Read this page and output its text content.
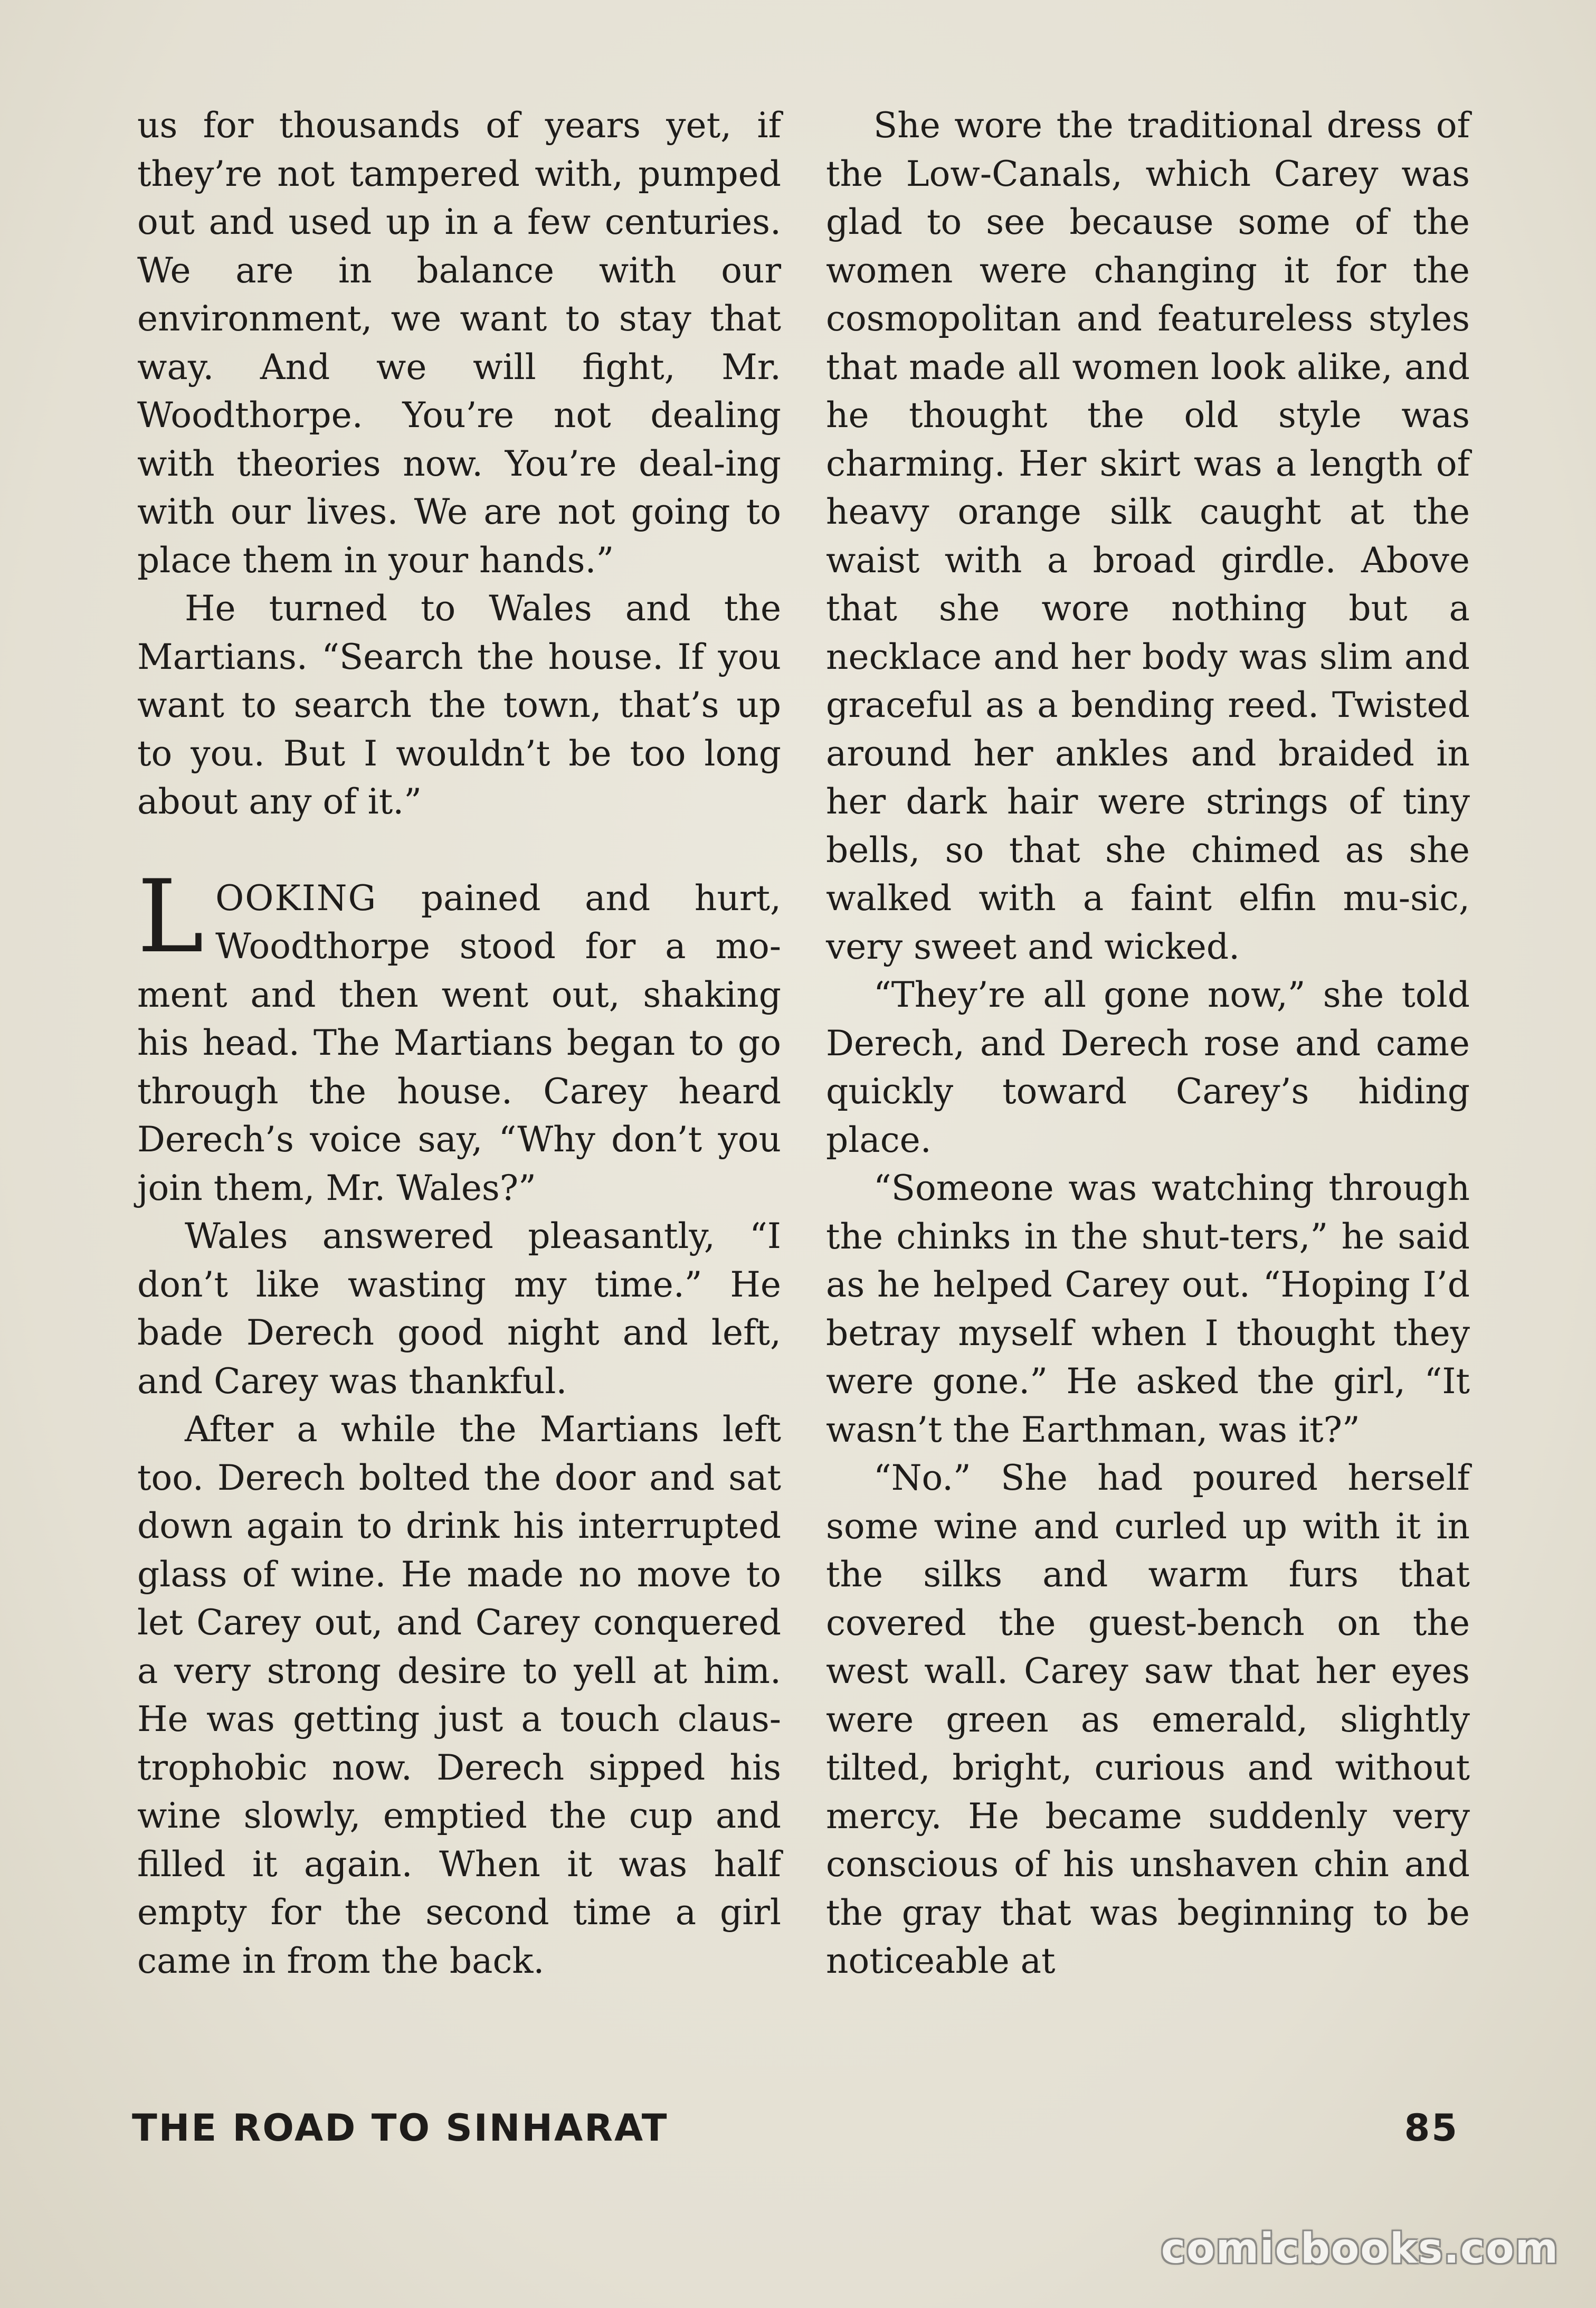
us for thousands of years yet, if they’re not tampered with, pumped out and used up in a few centuries. We are in balance with our environment, we want to stay that way. And we will fight, Mr. Woodthorpe. You’re not dealing with theories now. You’re deal-ing with our lives. We are not going to place them in your hands.”

He turned to Wales and the Martians. “Search the house. If you want to search the town, that’s up to you. But I wouldn’t be too long about any of it.”

LOOKING pained and hurt, Woodthorpe stood for a mo-ment and then went out, shaking his head. The Martians began to go through the house. Carey heard Derech’s voice say, “Why don’t you join them, Mr. Wales?”

Wales answered pleasantly, “I don’t like wasting my time.” He bade Derech good night and left, and Carey was thankful.

After a while the Martians left too. Derech bolted the door and sat down again to drink his interrupted glass of wine. He made no move to let Carey out, and Carey conquered a very strong desire to yell at him. He was getting just a touch claus-trophobic now. Derech sipped his wine slowly, emptied the cup and filled it again. When it was half empty for the second time a girl came in from the back.

She wore the traditional dress of the Low-Canals, which Carey was glad to see because some of the women were changing it for the cosmopolitan and featureless styles that made all women look alike, and he thought the old style was charming. Her skirt was a length of heavy orange silk caught at the waist with a broad girdle. Above that she wore nothing but a necklace and her body was slim and graceful as a bending reed. Twisted around her ankles and braided in her dark hair were strings of tiny bells, so that she chimed as she walked with a faint elfin mu-sic, very sweet and wicked.

“They’re all gone now,” she told Derech, and Derech rose and came quickly toward Carey’s hiding place.

“Someone was watching through the chinks in the shut-ters,” he said as he helped Carey out. “Hoping I’d betray myself when I thought they were gone.” He asked the girl, “It wasn’t the Earthman, was it?”

“No.” She had poured herself some wine and curled up with it in the silks and warm furs that covered the guest-bench on the west wall. Carey saw that her eyes were green as emerald, slightly tilted, bright, curious and without mercy. He became suddenly very conscious of his unshaven chin and the gray that was beginning to be noticeable at

THE ROAD TO SINHARAT	85
comicbooks.com
